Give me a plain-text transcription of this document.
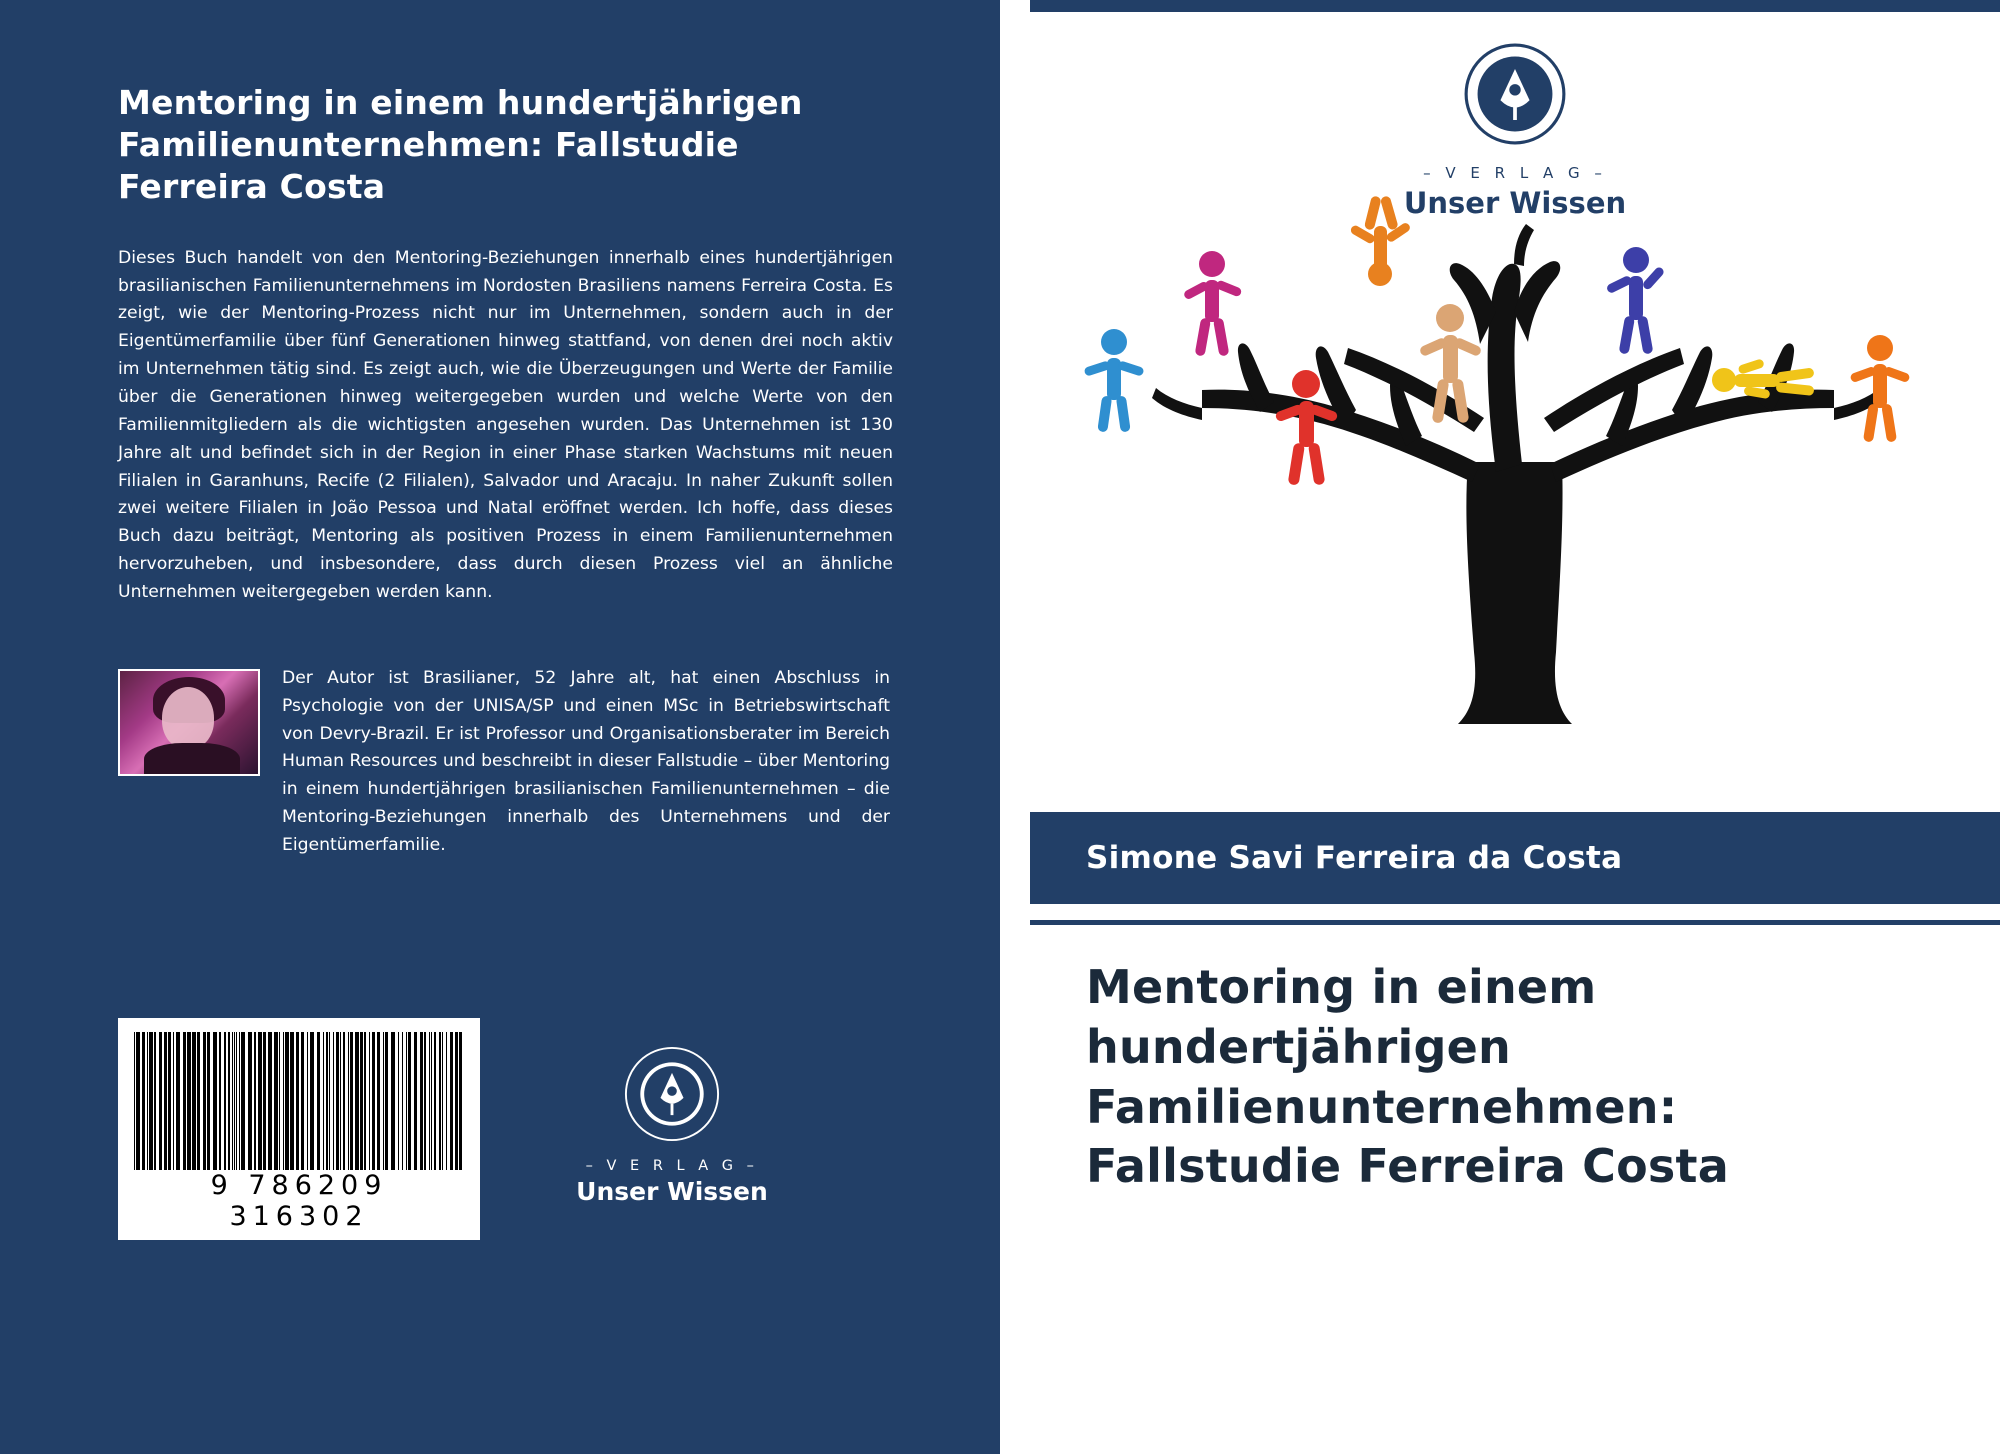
Mentoring in einem hundertjährigen Familienunternehmen: Fallstudie Ferreira Costa
Dieses Buch handelt von den Mentoring-Beziehungen innerhalb eines hundertjährigen brasilianischen Familienunternehmens im Nordosten Brasiliens namens Ferreira Costa. Es zeigt, wie der Mentoring-Prozess nicht nur im Unternehmen, sondern auch in der Eigentümerfamilie über fünf Generationen hinweg stattfand, von denen drei noch aktiv im Unternehmen tätig sind. Es zeigt auch, wie die Überzeugungen und Werte der Familie über die Generationen hinweg weitergegeben wurden und welche Werte von den Familienmitgliedern als die wichtigsten angesehen wurden. Das Unternehmen ist 130 Jahre alt und befindet sich in der Region in einer Phase starken Wachstums mit neuen Filialen in Garanhuns, Recife (2 Filialen), Salvador und Aracaju. In naher Zukunft sollen zwei weitere Filialen in João Pessoa und Natal eröffnet werden. Ich hoffe, dass dieses Buch dazu beiträgt, Mentoring als positiven Prozess in einem Familienunternehmen hervorzuheben, und insbesondere, dass durch diesen Prozess viel an ähnliche Unternehmen weitergegeben werden kann.
Der Autor ist Brasilianer, 52 Jahre alt, hat einen Abschluss in Psychologie von der UNISA/SP und einen MSc in Betriebswirtschaft von Devry-Brazil. Er ist Professor und Organisationsberater im Bereich Human Resources und beschreibt in dieser Fallstudie – über Mentoring in einem hundertjährigen brasilianischen Familienunternehmen – die Mentoring-Beziehungen innerhalb des Unternehmens und der Eigentümerfamilie.
9 786209 316302
– V E R L A G –
Unser Wissen
– V E R L A G –
Unser Wissen
Simone Savi Ferreira da Costa
Mentoring in einem hundertjährigen Familienunternehmen: Fallstudie Ferreira Costa
